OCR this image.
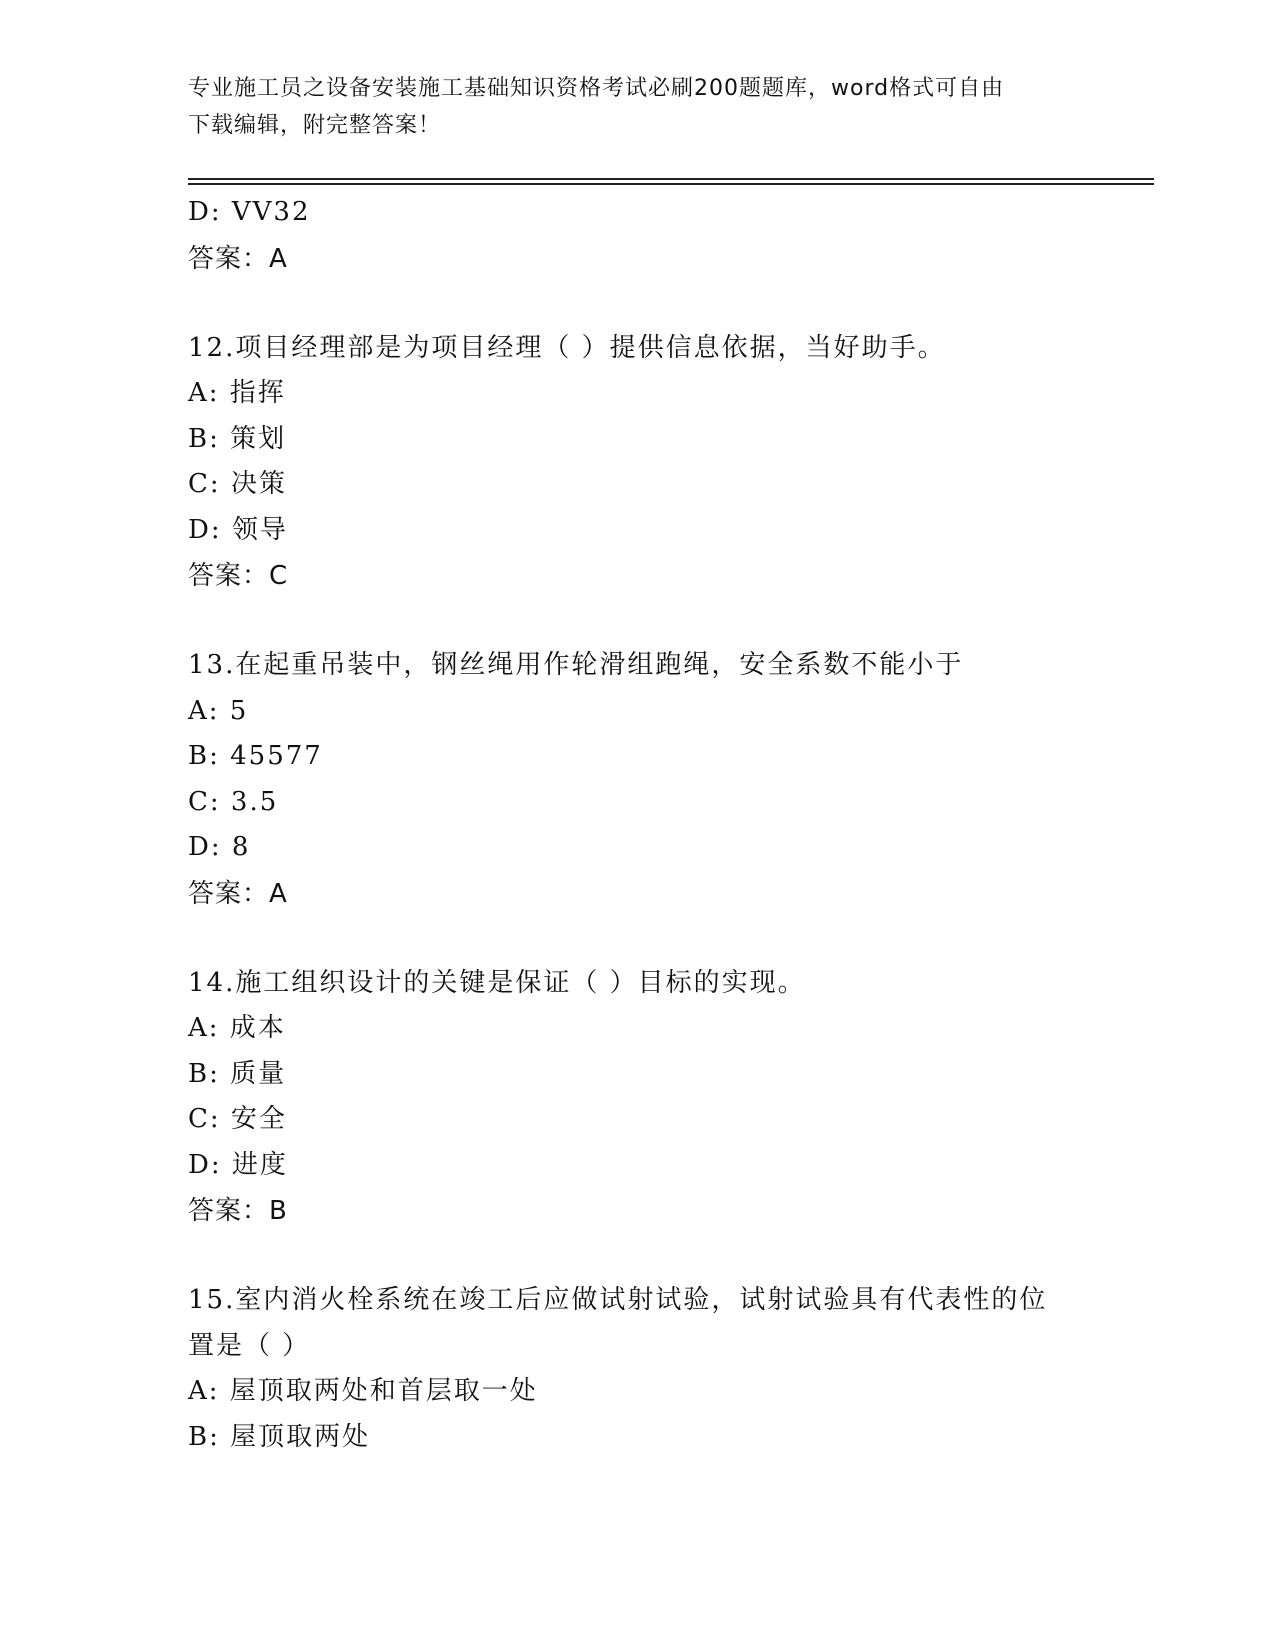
专业施工员之设备安装施工基础知识资格考试必刷200题题库，word格式可自由
下载编辑，附完整答案！
D: VV32
答案：A
12.项目经理部是为项目经理（ ）提供信息依据，当好助手。
A: 指挥
B: 策划
C: 决策
D: 领导
答案：C
13.在起重吊装中，钢丝绳用作轮滑组跑绳，安全系数不能小于
A: 5
B: 45577
C: 3.5
D: 8
答案：A
14.施工组织设计的关键是保证（ ）目标的实现。
A: 成本
B: 质量
C: 安全
D: 进度
答案：B
15.室内消火栓系统在竣工后应做试射试验，试射试验具有代表性的位
置是（ ）
A: 屋顶取两处和首层取一处
B: 屋顶取两处
